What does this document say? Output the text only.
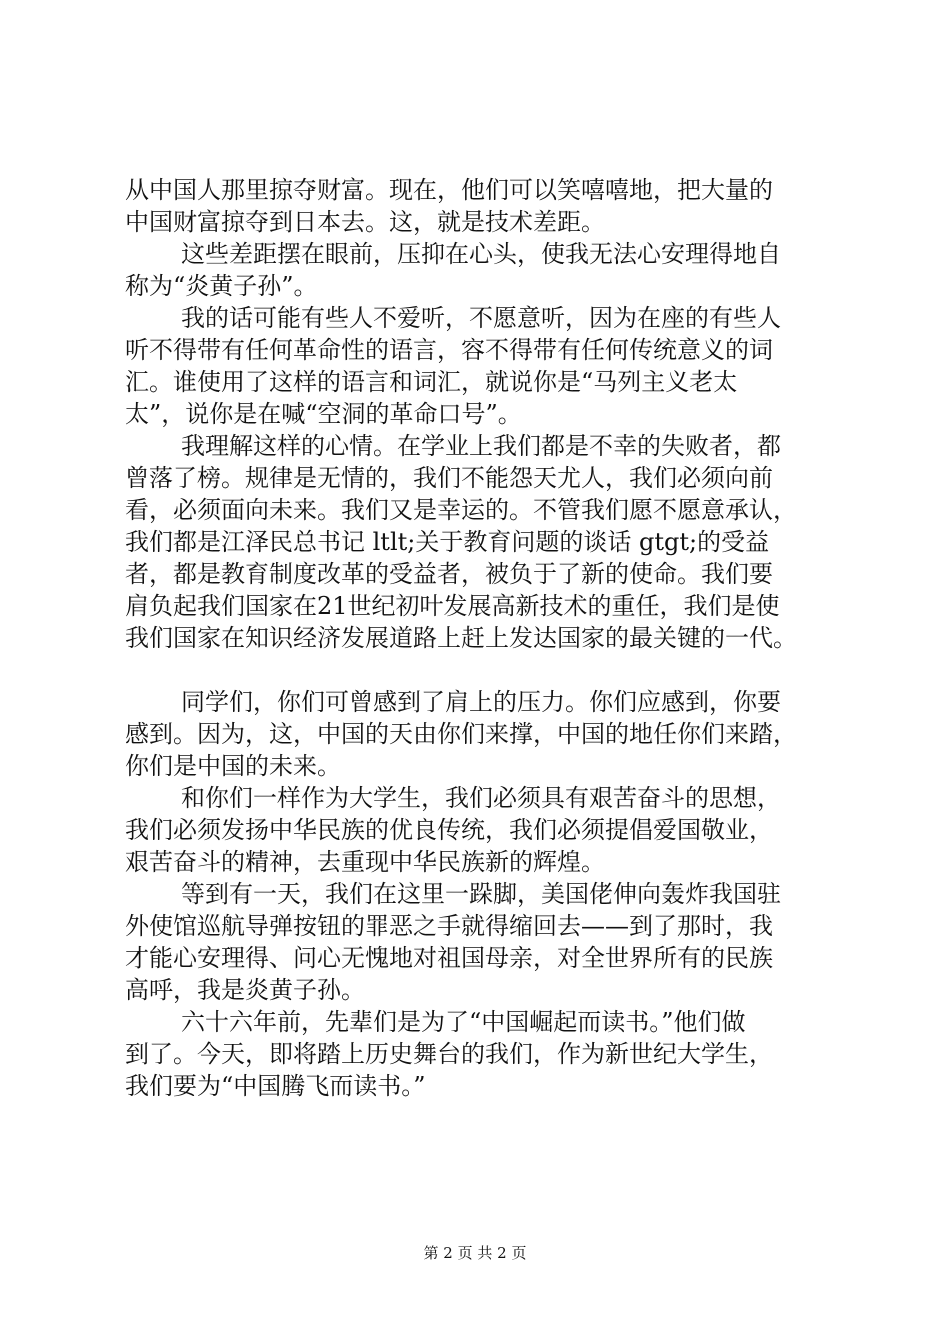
从中国人那里掠夺财富。现在，他们可以笑嘻嘻地，把大量的
中国财富掠夺到日本去。这，就是技术差距。
这些差距摆在眼前，压抑在心头，使我无法心安理得地自
称为“炎黄子孙”。
我的话可能有些人不爱听，不愿意听，因为在座的有些人
听不得带有任何革命性的语言，容不得带有任何传统意义的词
汇。谁使用了这样的语言和词汇，就说你是“马列主义老太
太”，说你是在喊“空洞的革命口号”。
我理解这样的心情。在学业上我们都是不幸的失败者，都
曾落了榜。规律是无情的，我们不能怨天尤人，我们必须向前
看，必须面向未来。我们又是幸运的。不管我们愿不愿意承认，
我们都是江泽民总书记 ltlt;关于教育问题的谈话 gtgt;的受益
者，都是教育制度改革的受益者，被负于了新的使命。我们要
肩负起我们国家在21世纪初叶发展高新技术的重任，我们是使
我们国家在知识经济发展道路上赶上发达国家的最关键的一代。
同学们，你们可曾感到了肩上的压力。你们应感到，你要
感到。因为，这，中国的天由你们来撑，中国的地任你们来踏，
你们是中国的未来。
和你们一样作为大学生，我们必须具有艰苦奋斗的思想，
我们必须发扬中华民族的优良传统，我们必须提倡爱国敬业，
艰苦奋斗的精神，去重现中华民族新的辉煌。
等到有一天，我们在这里一跺脚，美国佬伸向轰炸我国驻
外使馆巡航导弹按钮的罪恶之手就得缩回去——到了那时，我
才能心安理得、问心无愧地对祖国母亲，对全世界所有的民族
高呼，我是炎黄子孙。
六十六年前，先辈们是为了“中国崛起而读书。”他们做
到了。今天，即将踏上历史舞台的我们，作为新世纪大学生，
我们要为“中国腾飞而读书。”
第 2 页 共 2 页
